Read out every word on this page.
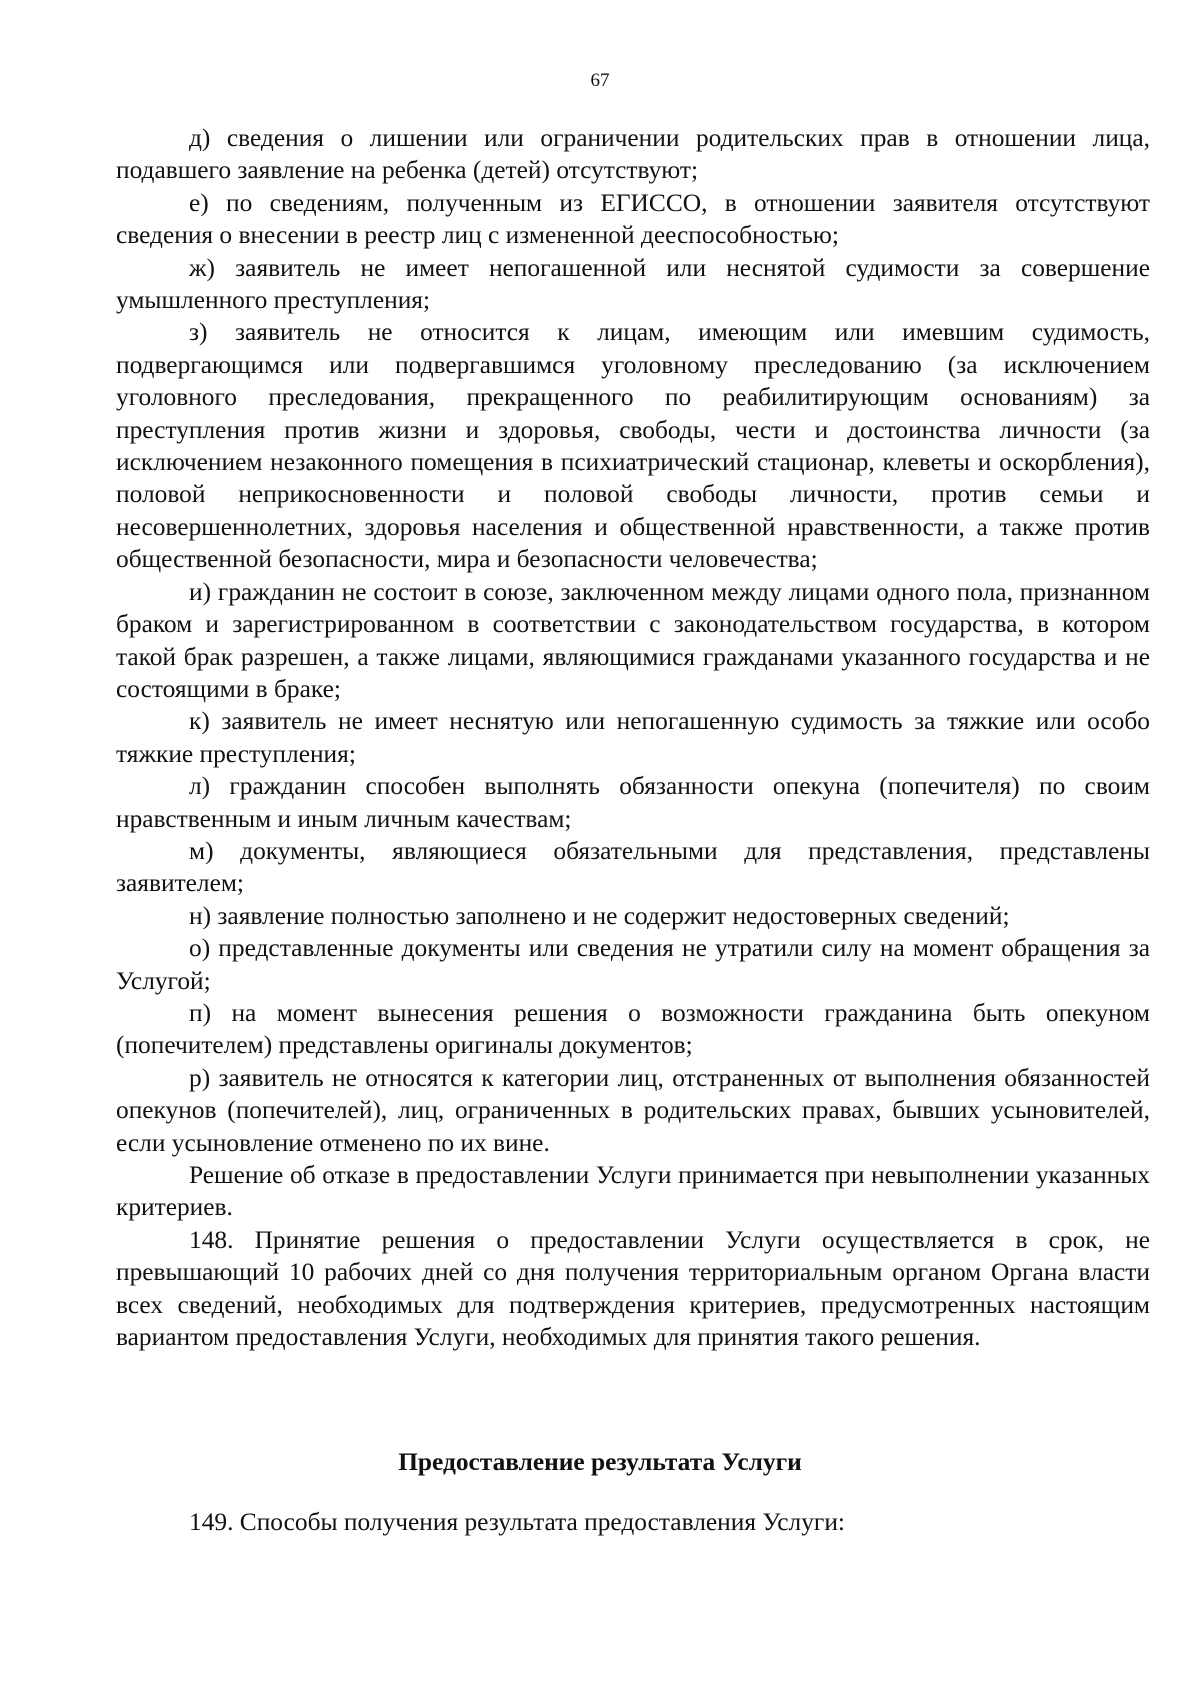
67

д) сведения о лишении или ограничении родительских прав в отношении лица, подавшего заявление на ребенка (детей) отсутствуют;

е) по сведениям, полученным из ЕГИССО, в отношении заявителя отсутствуют сведения о внесении в реестр лиц с измененной дееспособностью;

ж) заявитель не имеет непогашенной или неснятой судимости за совершение умышленного преступления;

з) заявитель не относится к лицам, имеющим или имевшим судимость, подвергающимся или подвергавшимся уголовному преследованию (за исключением уголовного преследования, прекращенного по реабилитирующим основаниям) за преступления против жизни и здоровья, свободы, чести и достоинства личности (за исключением незаконного помещения в психиатрический стационар, клеветы и оскорбления), половой неприкосновенности и половой свободы личности, против семьи и несовершеннолетних, здоровья населения и общественной нравственности, а также против общественной безопасности, мира и безопасности человечества;

и) гражданин не состоит в союзе, заключенном между лицами одного пола, признанном браком и зарегистрированном в соответствии с законодательством государства, в котором такой брак разрешен, а также лицами, являющимися гражданами указанного государства и не состоящими в браке;

к) заявитель не имеет неснятую или непогашенную судимость за тяжкие или особо тяжкие преступления;

л) гражданин способен выполнять обязанности опекуна (попечителя) по своим нравственным и иным личным качествам;

м) документы, являющиеся обязательными для представления, представлены заявителем;

н) заявление полностью заполнено и не содержит недостоверных сведений;

о) представленные документы или сведения не утратили силу на момент обращения за Услугой;

п) на момент вынесения решения о возможности гражданина быть опекуном (попечителем) представлены оригиналы документов;

р) заявитель не относятся к категории лиц, отстраненных от выполнения обязанностей опекунов (попечителей), лиц, ограниченных в родительских правах, бывших усыновителей, если усыновление отменено по их вине.

Решение об отказе в предоставлении Услуги принимается при невыполнении указанных критериев.

148. Принятие решения о предоставлении Услуги осуществляется в срок, не превышающий 10 рабочих дней со дня получения территориальным органом Органа власти всех сведений, необходимых для подтверждения критериев, предусмотренных настоящим вариантом предоставления Услуги, необходимых для принятия такого решения.

Предоставление результата Услуги

149. Способы получения результата предоставления Услуги:
